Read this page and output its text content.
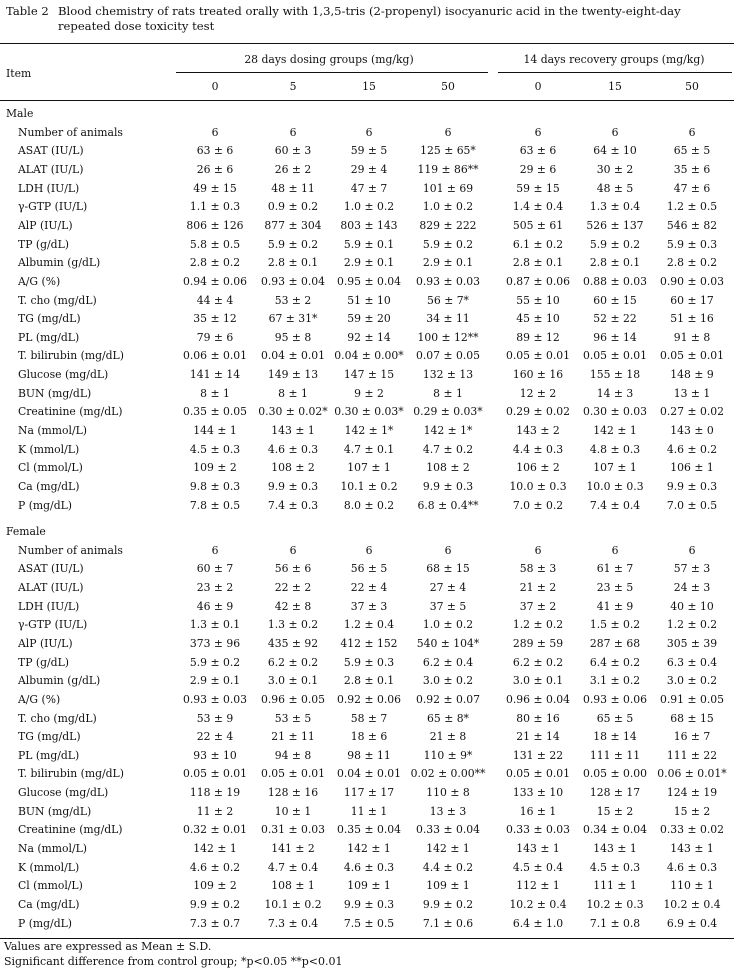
Table 2 Blood chemistry of rats treated orally with 1,3,5-tris (2-propenyl) isocyanuric acid in the twenty-eight-day
repeated dose toxicity test
Item
28 days dosing groups (mg/kg)	14 days recovery groups (mg/kg)
0	5	15	50	0	15	50
Male
Number of animals	6	6	6	6	6	6	6
ASAT (IU/L)	63 ± 6	60 ± 3	59 ± 5	125 ± 65*	63 ± 6	64 ± 10	65 ± 5
ALAT (IU/L)	26 ± 6	26 ± 2	29 ± 4	119 ± 86**	29 ± 6	30 ± 2	35 ± 6
LDH (IU/L)	49 ± 15	48 ± 11	47 ± 7	101 ± 69	59 ± 15	48 ± 5	47 ± 6
γ-GTP (IU/L)	1.1 ± 0.3	0.9 ± 0.2 1.0 ± 0.2	1.0 ± 0.2	1.4 ± 0.4 1.3 ± 0.4 1.2 ± 0.5
AlP (IU/L)	806 ± 126 877 ± 304 803 ± 143 829 ± 222	505 ± 61 526 ± 137 546 ± 82
TP (g/dL)	5.8 ± 0.5	5.9 ± 0.2 5.9 ± 0.1	5.9 ± 0.2	6.1 ± 0.2 5.9 ± 0.2 5.9 ± 0.3
Albumin (g/dL)	2.8 ± 0.2	2.8 ± 0.1 2.9 ± 0.1	2.9 ± 0.1	2.8 ± 0.1 2.8 ± 0.1 2.8 ± 0.2
A/G (%)	0.94 ± 0.06 0.93 ± 0.04 0.95 ± 0.04 0.93 ± 0.03 0.87 ± 0.06 0.88 ± 0.03 0.90 ± 0.03
T. cho (mg/dL)	44 ± 4	53 ± 2	51 ± 10	56 ± 7*	55 ± 10	60 ± 15	60 ± 17
TG (mg/dL)	35 ± 12	67 ± 31*	59 ± 20	34 ± 11	45 ± 10	52 ± 22	51 ± 16
PL (mg/dL)	79 ± 6	95 ± 8	92 ± 14 100 ± 12**	89 ± 12	96 ± 14	91 ± 8
T. bilirubin (mg/dL)	0.06 ± 0.01 0.04 ± 0.01 0.04 ± 0.00* 0.07 ± 0.05 0.05 ± 0.01 0.05 ± 0.01 0.05 ± 0.01
Glucose (mg/dL)	141 ± 14	149 ± 13 147 ± 15	132 ± 13	160 ± 16 155 ± 18	148 ± 9
BUN (mg/dL)	8 ± 1	8 ± 1	9 ± 2	8 ± 1	12 ± 2	14 ± 3	13 ± 1
Creatinine (mg/dL)	0.35 ± 0.05 0.30 ± 0.02* 0.30 ± 0.03* 0.29 ± 0.03* 0.29 ± 0.02 0.30 ± 0.03 0.27 ± 0.02
Na (mmol/L)	144 ± 1	143 ± 1	142 ± 1*	142 ± 1*	143 ± 2	142 ± 1	143 ± 0
K (mmol/L)	4.5 ± 0.3	4.6 ± 0.3 4.7 ± 0.1	4.7 ± 0.2	4.4 ± 0.3 4.8 ± 0.3 4.6 ± 0.2
Cl (mmol/L)	109 ± 2	108 ± 2	107 ± 1	108 ± 2	106 ± 2	107 ± 1	106 ± 1
Ca (mg/dL)	9.8 ± 0.3	9.9 ± 0.3 10.1 ± 0.2 9.9 ± 0.3	10.0 ± 0.3 10.0 ± 0.3 9.9 ± 0.3
P (mg/dL)	7.8 ± 0.5	7.4 ± 0.3 8.0 ± 0.2 6.8 ± 0.4**	7.0 ± 0.2 7.4 ± 0.4 7.0 ± 0.5
Female
Number of animals	6	6	6	6	6	6	6
ASAT (IU/L)	60 ± 7	56 ± 6	56 ± 5	68 ± 15	58 ± 3	61 ± 7	57 ± 3
ALAT (IU/L)	23 ± 2	22 ± 2	22 ± 4	27 ± 4	21 ± 2	23 ± 5	24 ± 3
LDH (IU/L)	46 ± 9	42 ± 8	37 ± 3	37 ± 5	37 ± 2	41 ± 9	40 ± 10
γ-GTP (IU/L)	1.3 ± 0.1	1.3 ± 0.2 1.2 ± 0.4	1.0 ± 0.2	1.2 ± 0.2 1.5 ± 0.2 1.2 ± 0.2
AlP (IU/L)	373 ± 96	435 ± 92 412 ± 152 540 ± 104*	289 ± 59 287 ± 68 305 ± 39
TP (g/dL)	5.9 ± 0.2	6.2 ± 0.2 5.9 ± 0.3	6.2 ± 0.4	6.2 ± 0.2 6.4 ± 0.2 6.3 ± 0.4
Albumin (g/dL)	2.9 ± 0.1	3.0 ± 0.1 2.8 ± 0.1	3.0 ± 0.2	3.0 ± 0.1 3.1 ± 0.2 3.0 ± 0.2
A/G (%)	0.93 ± 0.03 0.96 ± 0.05 0.92 ± 0.06 0.92 ± 0.07 0.96 ± 0.04 0.93 ± 0.06 0.91 ± 0.05
T. cho (mg/dL)	53 ± 9	53 ± 5	58 ± 7	65 ± 8*	80 ± 16	65 ± 5	68 ± 15
TG (mg/dL)	22 ± 4	21 ± 11	18 ± 6	21 ± 8	21 ± 14	18 ± 14	16 ± 7
PL (mg/dL)	93 ± 10	94 ± 8	98 ± 11	110 ± 9*	131 ± 22 111 ± 11 111 ± 22
T. bilirubin (mg/dL)	0.05 ± 0.01 0.05 ± 0.01 0.04 ± 0.01 0.02 ± 0.00** 0.05 ± 0.01 0.05 ± 0.00 0.06 ± 0.01*
Glucose (mg/dL)	118 ± 19	128 ± 16 117 ± 17	110 ± 8	133 ± 10 128 ± 17 124 ± 19
BUN (mg/dL)	11 ± 2	10 ± 1	11 ± 1	13 ± 3	16 ± 1	15 ± 2	15 ± 2
Creatinine (mg/dL)	0.32 ± 0.01 0.31 ± 0.03 0.35 ± 0.04 0.33 ± 0.04 0.33 ± 0.03 0.34 ± 0.04 0.33 ± 0.02
Na (mmol/L)	142 ± 1	141 ± 2	142 ± 1	142 ± 1	143 ± 1	143 ± 1	143 ± 1
K (mmol/L)	4.6 ± 0.2	4.7 ± 0.4 4.6 ± 0.3	4.4 ± 0.2	4.5 ± 0.4 4.5 ± 0.3 4.6 ± 0.3
Cl (mmol/L)	109 ± 2	108 ± 1	109 ± 1	109 ± 1	112 ± 1	111 ± 1	110 ± 1
Ca (mg/dL)	9.9 ± 0.2 10.1 ± 0.2 9.9 ± 0.3	9.9 ± 0.2	10.2 ± 0.4 10.2 ± 0.3 10.2 ± 0.4
P (mg/dL)	7.3 ± 0.7	7.3 ± 0.4 7.5 ± 0.5	7.1 ± 0.6	6.4 ± 1.0 7.1 ± 0.8 6.9 ± 0.4
Values are expressed as Mean ± S.D.
Significant difference from control group; *p<0.05 **p<0.01
